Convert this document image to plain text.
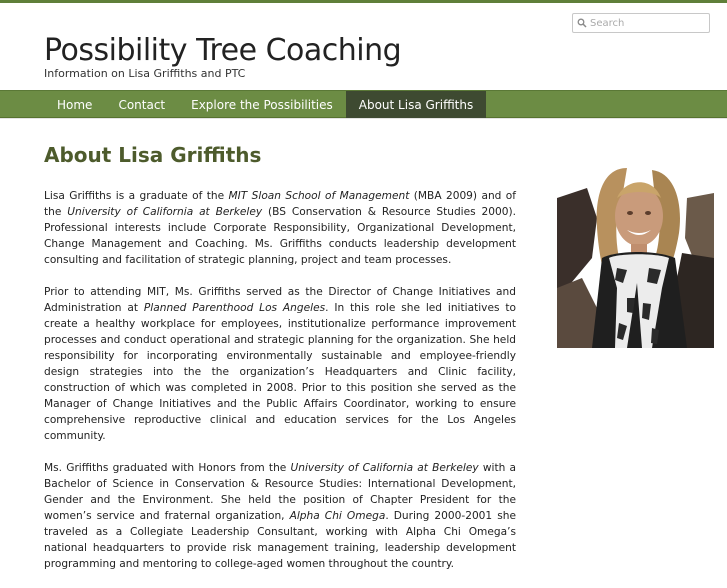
Possibility Tree Coaching
Information on Lisa Griffiths and PTC
Search
Home	Contact	Explore the Possibilities	About Lisa Griffiths
About Lisa Griffiths

Lisa Griffiths is a graduate of the MIT Sloan School of Management (MBA 2009) and of the University of California at Berkeley (BS Conservation & Resource Studies 2000). Professional interests include Corporate Responsibility, Organizational Development, Change Management and Coaching. Ms. Griffiths conducts leadership development consulting and facilitation of strategic planning, project and team processes.

Prior to attending MIT, Ms. Griffiths served as the Director of Change Initiatives and Administration at Planned Parenthood Los Angeles. In this role she led initiatives to create a healthy workplace for employees, institutionalize performance improvement processes and conduct operational and strategic planning for the organization. She held responsibility for incorporating environmentally sustainable and employee-friendly design strategies into the the organization’s Headquarters and Clinic facility, construction of which was completed in 2008. Prior to this position she served as the Manager of Change Initiatives and the Public Affairs Coordinator, working to ensure comprehensive reproductive clinical and education services for the Los Angeles community.

Ms. Griffiths graduated with Honors from the University of California at Berkeley with a Bachelor of Science in Conservation & Resource Studies: International Development, Gender and the Environment. She held the position of Chapter President for the women’s service and fraternal organization, Alpha Chi Omega. During 2000-2001 she traveled as a Collegiate Leadership Consultant, working with Alpha Chi Omega’s national headquarters to provide risk management training, leadership development programming and mentoring to college-aged women throughout the country.
